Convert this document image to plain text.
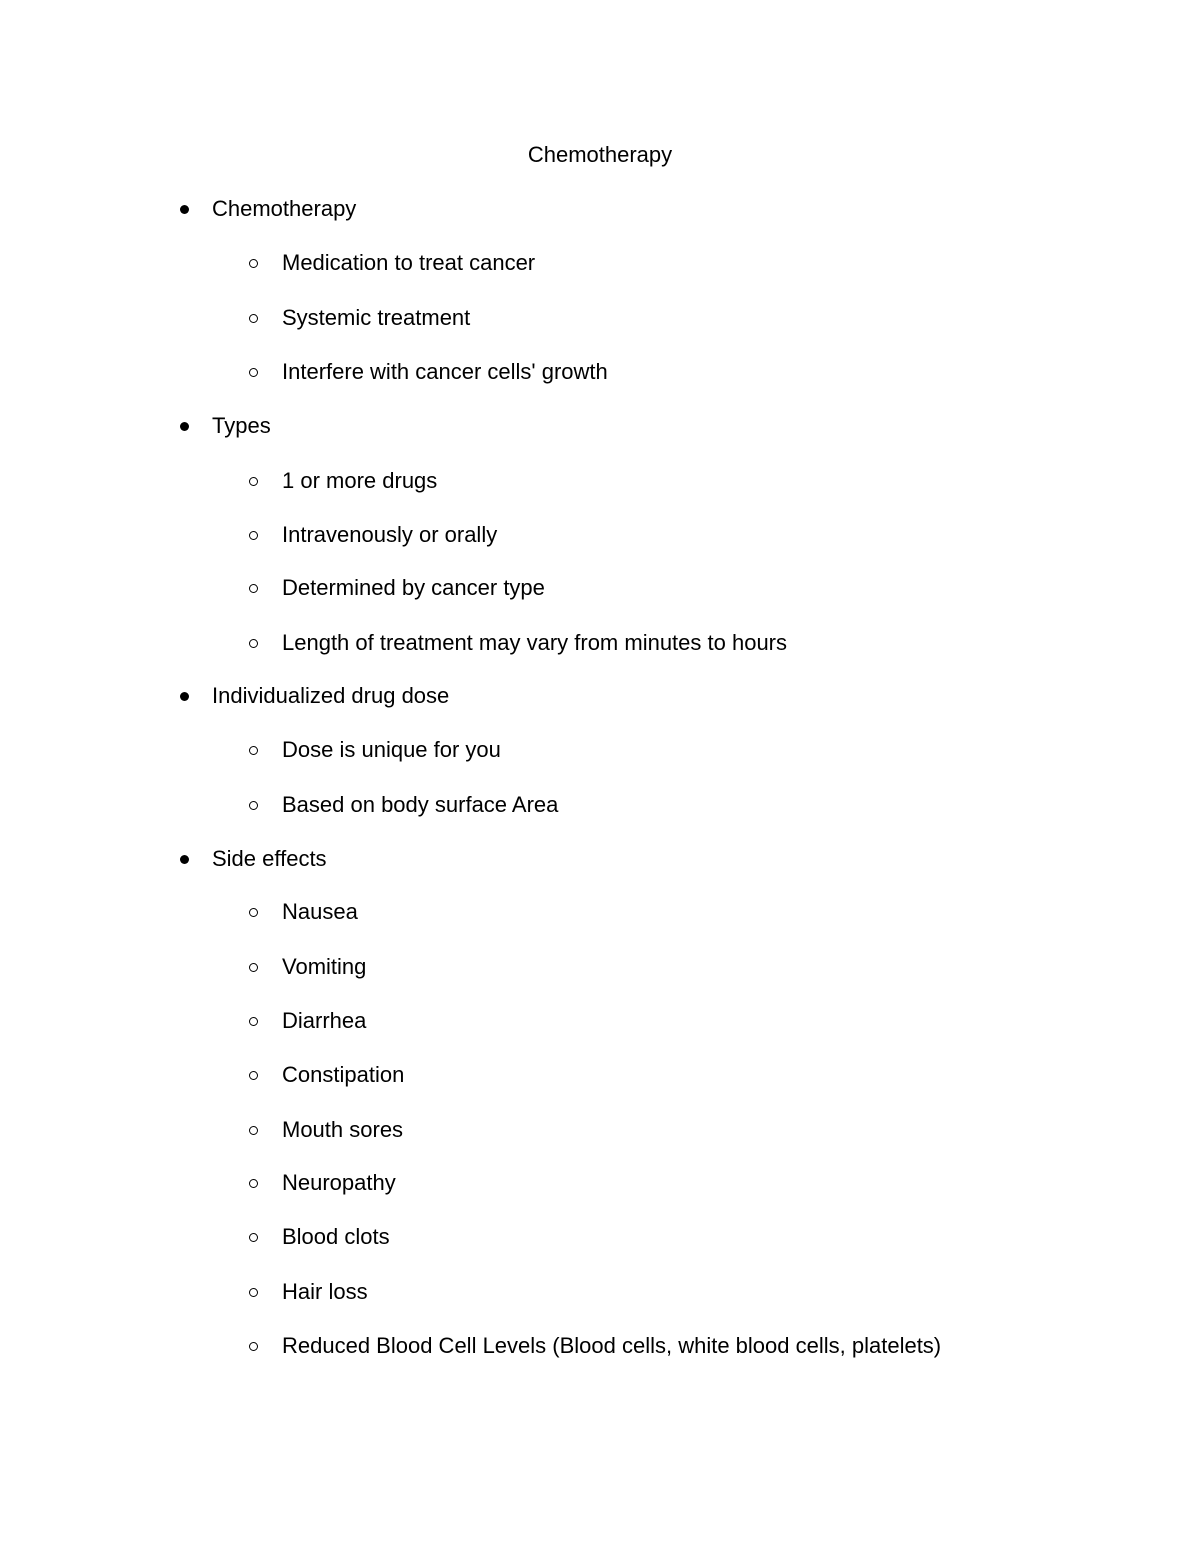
Chemotherapy
Chemotherapy
Medication to treat cancer
Systemic treatment
Interfere with cancer cells' growth
Types
1 or more drugs
Intravenously or orally
Determined by cancer type
Length of treatment may vary from minutes to hours
Individualized drug dose
Dose is unique for you
Based on body surface Area
Side effects
Nausea
Vomiting
Diarrhea
Constipation
Mouth sores
Neuropathy
Blood clots
Hair loss
Reduced Blood Cell Levels (Blood cells, white blood cells, platelets)
